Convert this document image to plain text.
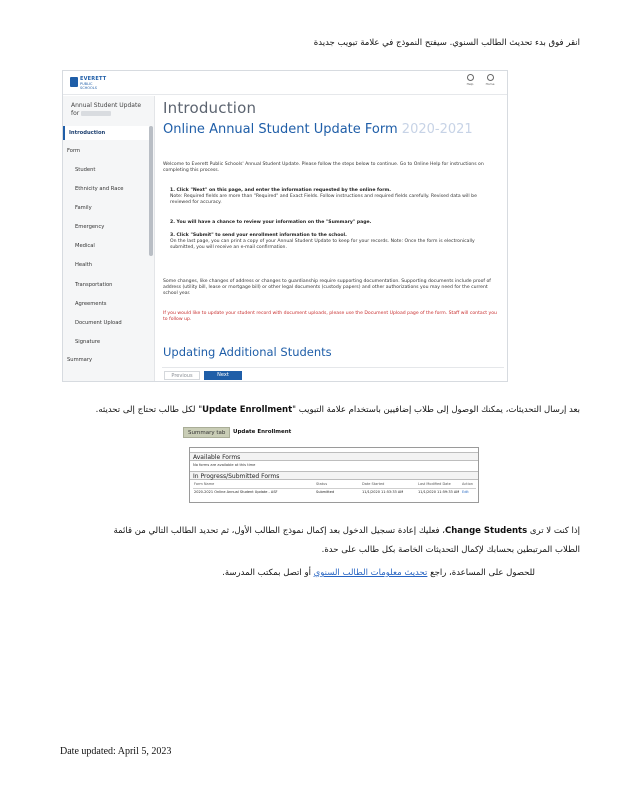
انقر فوق بدء تحديث الطالب السنوي. سيفتح النموذج في علامة تبويب جديدة
EVERETT
PUBLIC SCHOOLS
Help	Home
Annual Student Update for
Introduction
Form
Student
Ethnicity and Race
Family
Emergency
Medical
Health
Transportation
Agreements
Document Upload
Signature
Summary
Introduction
Online Annual Student Update Form 2020-2021
Welcome to Everett Public Schools' Annual Student Update. Please follow the steps below to continue. Go to Online Help for instructions on completing this process.
1. Click "Next" on this page, and enter the information requested by the online form.
Note: Required fields are more than "Required" and Exact Fields. Follow instructions and required fields carefully. Revised data will be reviewed for accuracy.
2. You will have a chance to review your information on the "Summary" page.
3. Click "Submit" to send your enrollment information to the school.
On the last page, you can print a copy of your Annual Student Update to keep for your records. Note: Once the form is electronically submitted, you will receive an e-mail confirmation.
Some changes, like changes of address or changes to guardianship require supporting documentation. Supporting documents include proof of address (utility bill, lease or mortgage bill) or other legal documents (custody papers) and other authorizations you may need for the current school year.
If you would like to update your student record with document uploads, please use the Document Upload page of the form. Staff will contact you to follow up.
Updating Additional Students
Previous	Next
بعد إرسال التحديثات، يمكنك الوصول إلى طلاب إضافيين باستخدام علامة التبويب "Update Enrollment" لكل طالب تحتاج إلى تحديثه.
Summary tab	Update Enrollment
Available Forms
No forms are available at this time
In Progress/Submitted Forms
Form Name	Status	Date Started	Last Modified Date	Action
2020-2021 Online Annual Student Update - ASF	Submitted	11/1/2020 11:53:33 AM	11/1/2020 11:59:33 AM Edit
إذا كنت لا ترى Change Students، فعليك إعادة تسجيل الدخول بعد إكمال نموذج الطالب الأول، ثم تحديد الطالب التالي من قائمة
الطلاب المرتبطين بحسابك لإكمال التحديثات الخاصة بكل طالب على حدة.
للحصول على المساعدة، راجع تحديث معلومات الطالب السنوي أو اتصل بمكتب المدرسة.
Date updated: April 5, 2023
